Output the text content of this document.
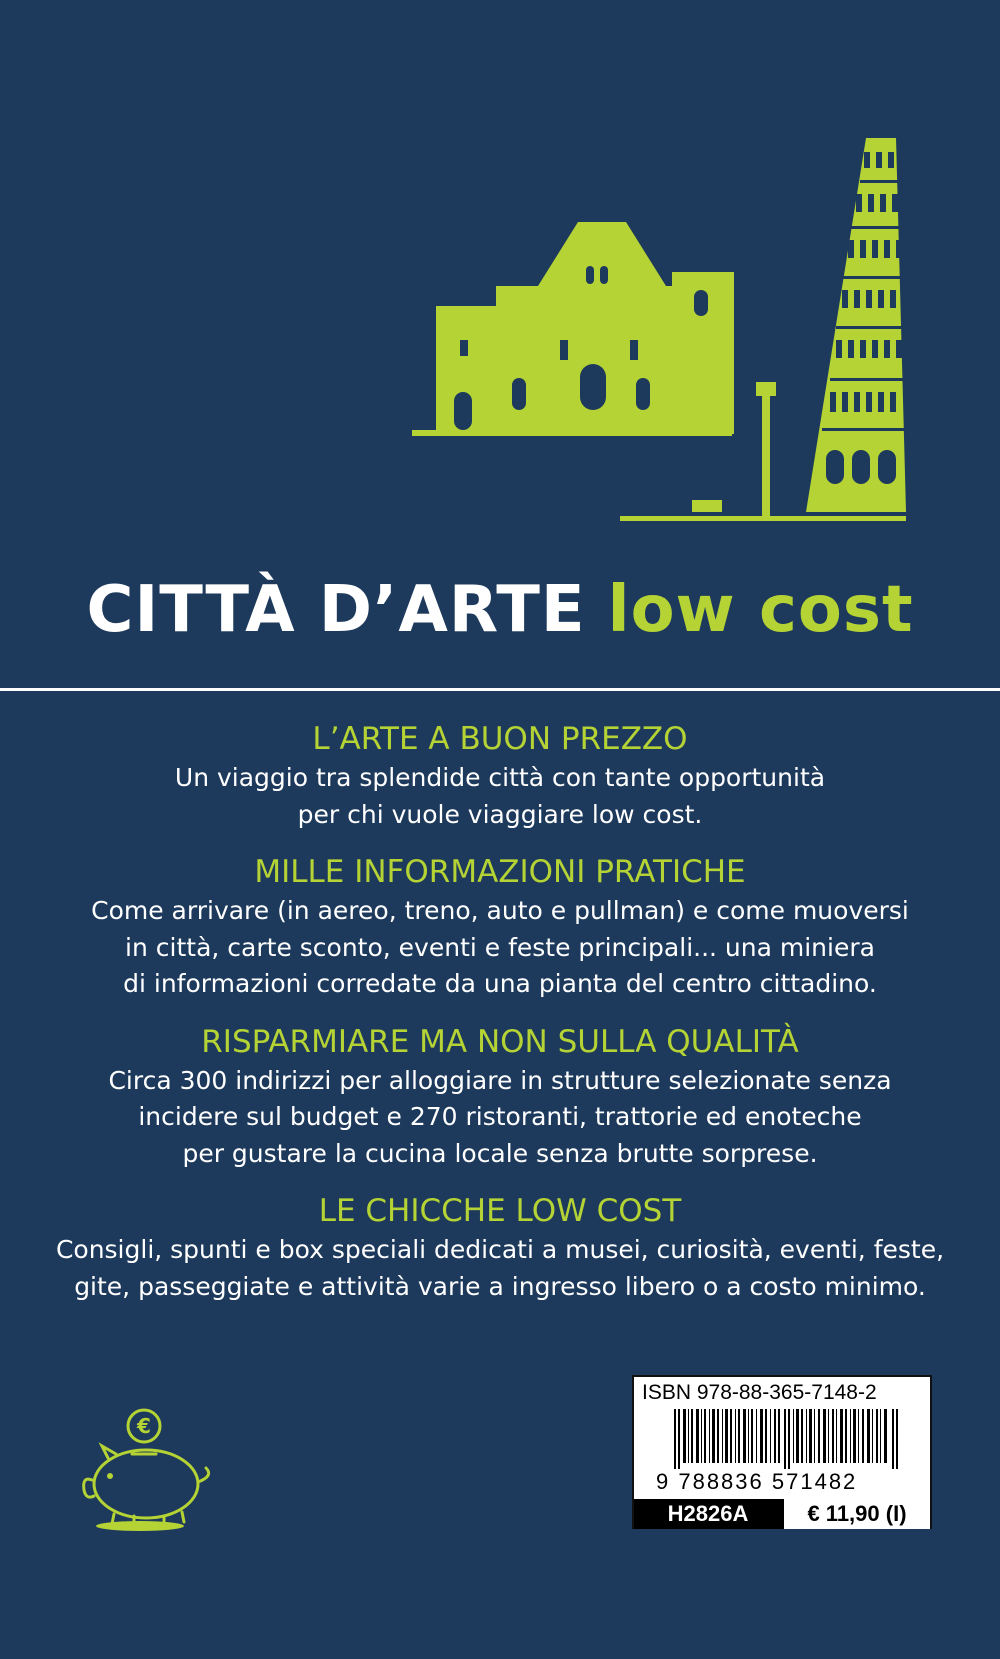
CITTÀ D’ARTE low cost
L’ARTE A BUON PREZZO

Un viaggio tra splendide città con tante opportunità

per chi vuole viaggiare low cost.

MILLE INFORMAZIONI PRATICHE

Come arrivare (in aereo, treno, auto e pullman) e come muoversi

in città, carte sconto, eventi e feste principali... una miniera

di informazioni corredate da una pianta del centro cittadino.

RISPARMIARE MA NON SULLA QUALITÀ

Circa 300 indirizzi per alloggiare in strutture selezionate senza

incidere sul budget e 270 ristoranti, trattorie ed enoteche

per gustare la cucina locale senza brutte sorprese.

LE CHICCHE LOW COST

Consigli, spunti e box speciali dedicati a musei, curiosità, eventi, feste,

gite, passeggiate e attività varie a ingresso libero o a costo minimo.

€
ISBN 978-88-365-7148-2
9 788836 571482
H2826A	€ 11,90 (I)
